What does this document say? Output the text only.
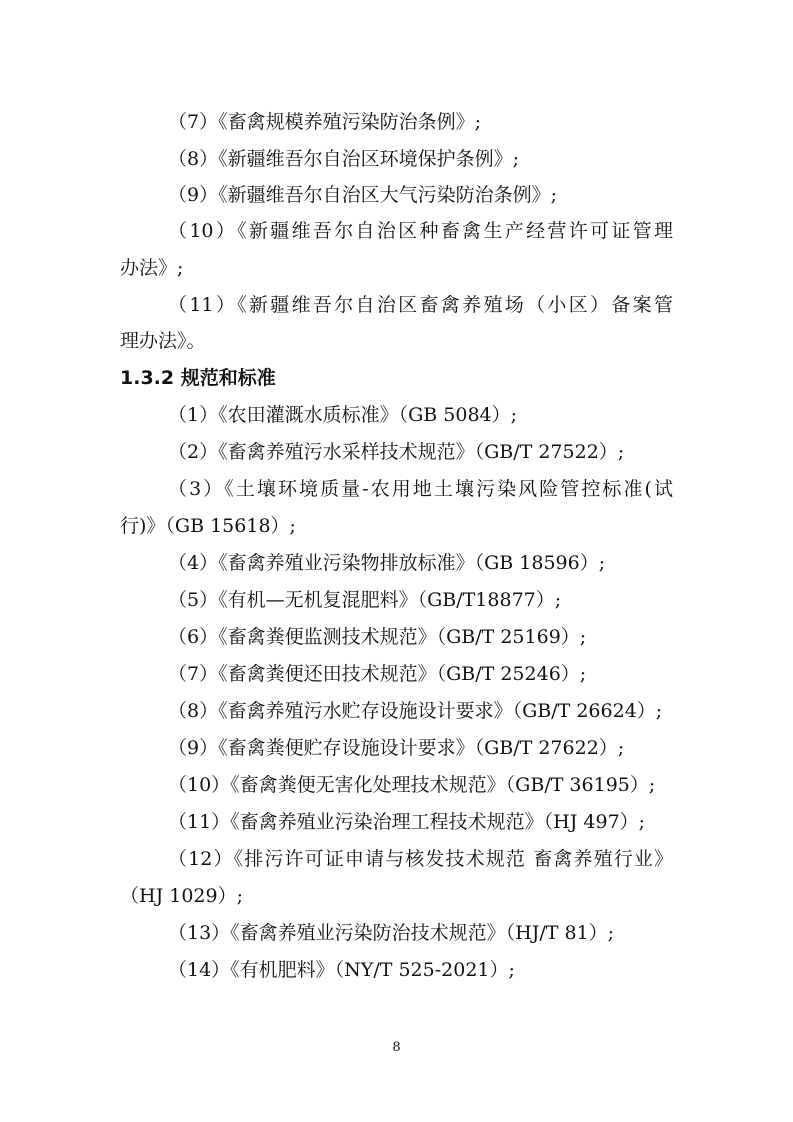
（7）《畜禽规模养殖污染防治条例》;
（8）《新疆维吾尔自治区环境保护条例》;
（9）《新疆维吾尔自治区大气污染防治条例》;
（10）《新疆维吾尔自治区种畜禽生产经营许可证管理
办法》;
（11）《新疆维吾尔自治区畜禽养殖场（小区）备案管
理办法》。
1.3.2 规范和标准
（1）《农田灌溉水质标准》（GB 5084）;
（2）《畜禽养殖污水采样技术规范》（GB/T 27522）;
（3）《土壤环境质量-农用地土壤污染风险管控标准(试
行)》（GB 15618）;
（4）《畜禽养殖业污染物排放标准》（GB 18596）;
（5）《有机—无机复混肥料》（GB/T18877）;
（6）《畜禽粪便监测技术规范》（GB/T 25169）;
（7）《畜禽粪便还田技术规范》（GB/T 25246）;
（8）《畜禽养殖污水贮存设施设计要求》（GB/T 26624）;
（9）《畜禽粪便贮存设施设计要求》（GB/T 27622）;
（10）《畜禽粪便无害化处理技术规范》（GB/T 36195）;
（11）《畜禽养殖业污染治理工程技术规范》（HJ 497）;
（12）《排污许可证申请与核发技术规范 畜禽养殖行业》
（HJ 1029）;
（13）《畜禽养殖业污染防治技术规范》（HJ/T 81）;
（14）《有机肥料》（NY/T 525-2021）;
8
